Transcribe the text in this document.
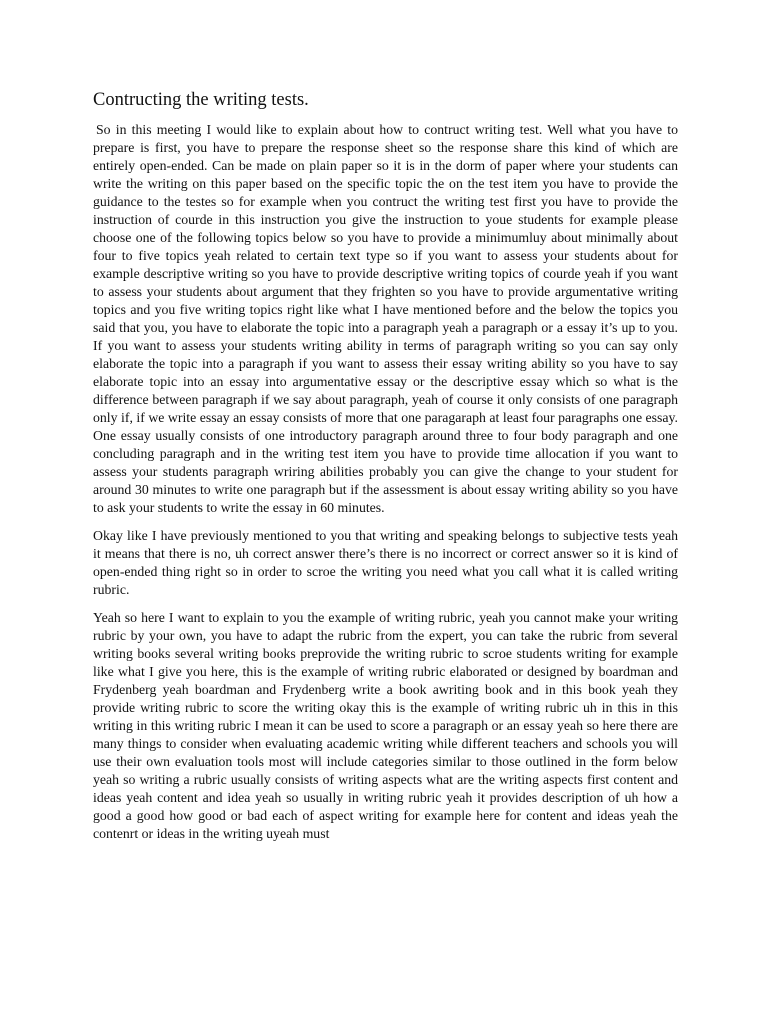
Contructing the writing tests.

So in this meeting I would like to explain about how to contruct writing test. Well what you have to prepare is first, you have to prepare the response sheet so the response share this kind of which are entirely open-ended. Can be made on plain paper so it is in the dorm of paper where your students can write the writing on this paper based on the specific topic the on the test item you have to provide the guidance to the testes so for example when you contruct the writing test first you have to provide the instruction of courde in this instruction you give the instruction to youe students for example please choose one of the following topics below so you have to provide a minimumluy about minimally about four to five topics yeah related to certain text type so if you want to assess your students about for example descriptive writing so you have to provide descriptive writing topics of courde yeah if you want to assess your students about argument that they frighten so you have to provide argumentative writing topics and you five writing topics right like what I have mentioned before and the below the topics you said that you, you have to elaborate the topic into a paragraph yeah a paragraph or a essay it’s up to you. If you want to assess your students writing ability in terms of paragraph writing so you can say only elaborate the topic into a paragraph if you want to assess their essay writing ability so you have to say elaborate topic into an essay into argumentative essay or the descriptive essay which so what is the difference between paragraph if we say about paragraph, yeah of course it only consists of one paragraph only if, if we write essay an essay consists of more that one paragaraph at least four paragraphs one essay. One essay usually consists of one introductory paragraph around three to four body paragraph and one concluding paragraph and in the writing test item you have to provide time allocation if you want to assess your students paragraph wriring abilities probably you can give the change to your student for around 30 minutes to write one paragraph but if the assessment is about essay writing ability so you have to ask your students to write the essay in 60 minutes.

Okay like I have previously mentioned to you that writing and speaking belongs to subjective tests yeah it means that there is no, uh correct answer there’s there is no incorrect or correct answer so it is kind of open-ended thing right so in order to scroe the writing you need what you call what it is called writing rubric.

Yeah so here I want to explain to you the example of writing rubric, yeah you cannot make your writing rubric by your own, you have to adapt the rubric from the expert, you can take the rubric from several writing books several writing books preprovide the writing rubric to scroe students writing for example like what I give you here, this is the example of writing rubric elaborated or designed by boardman and Frydenberg yeah boardman and Frydenberg write a book awriting book and in this book yeah they provide writing rubric to score the writing okay this is the example of writing rubric uh in this in this writing in this writing rubric I mean it can be used to score a paragraph or an essay yeah so here there are many things to consider when evaluating academic writing while different teachers and schools you will use their own evaluation tools most will include categories similar to those outlined in the form below yeah so writing a rubric usually consists of writing aspects what are the writing aspects first content and ideas yeah content and idea yeah so usually in writing rubric yeah it provides description of uh how a good a good how good or bad each of aspect writing for example here for content and ideas yeah the contenrt or ideas in the writing uyeah must
